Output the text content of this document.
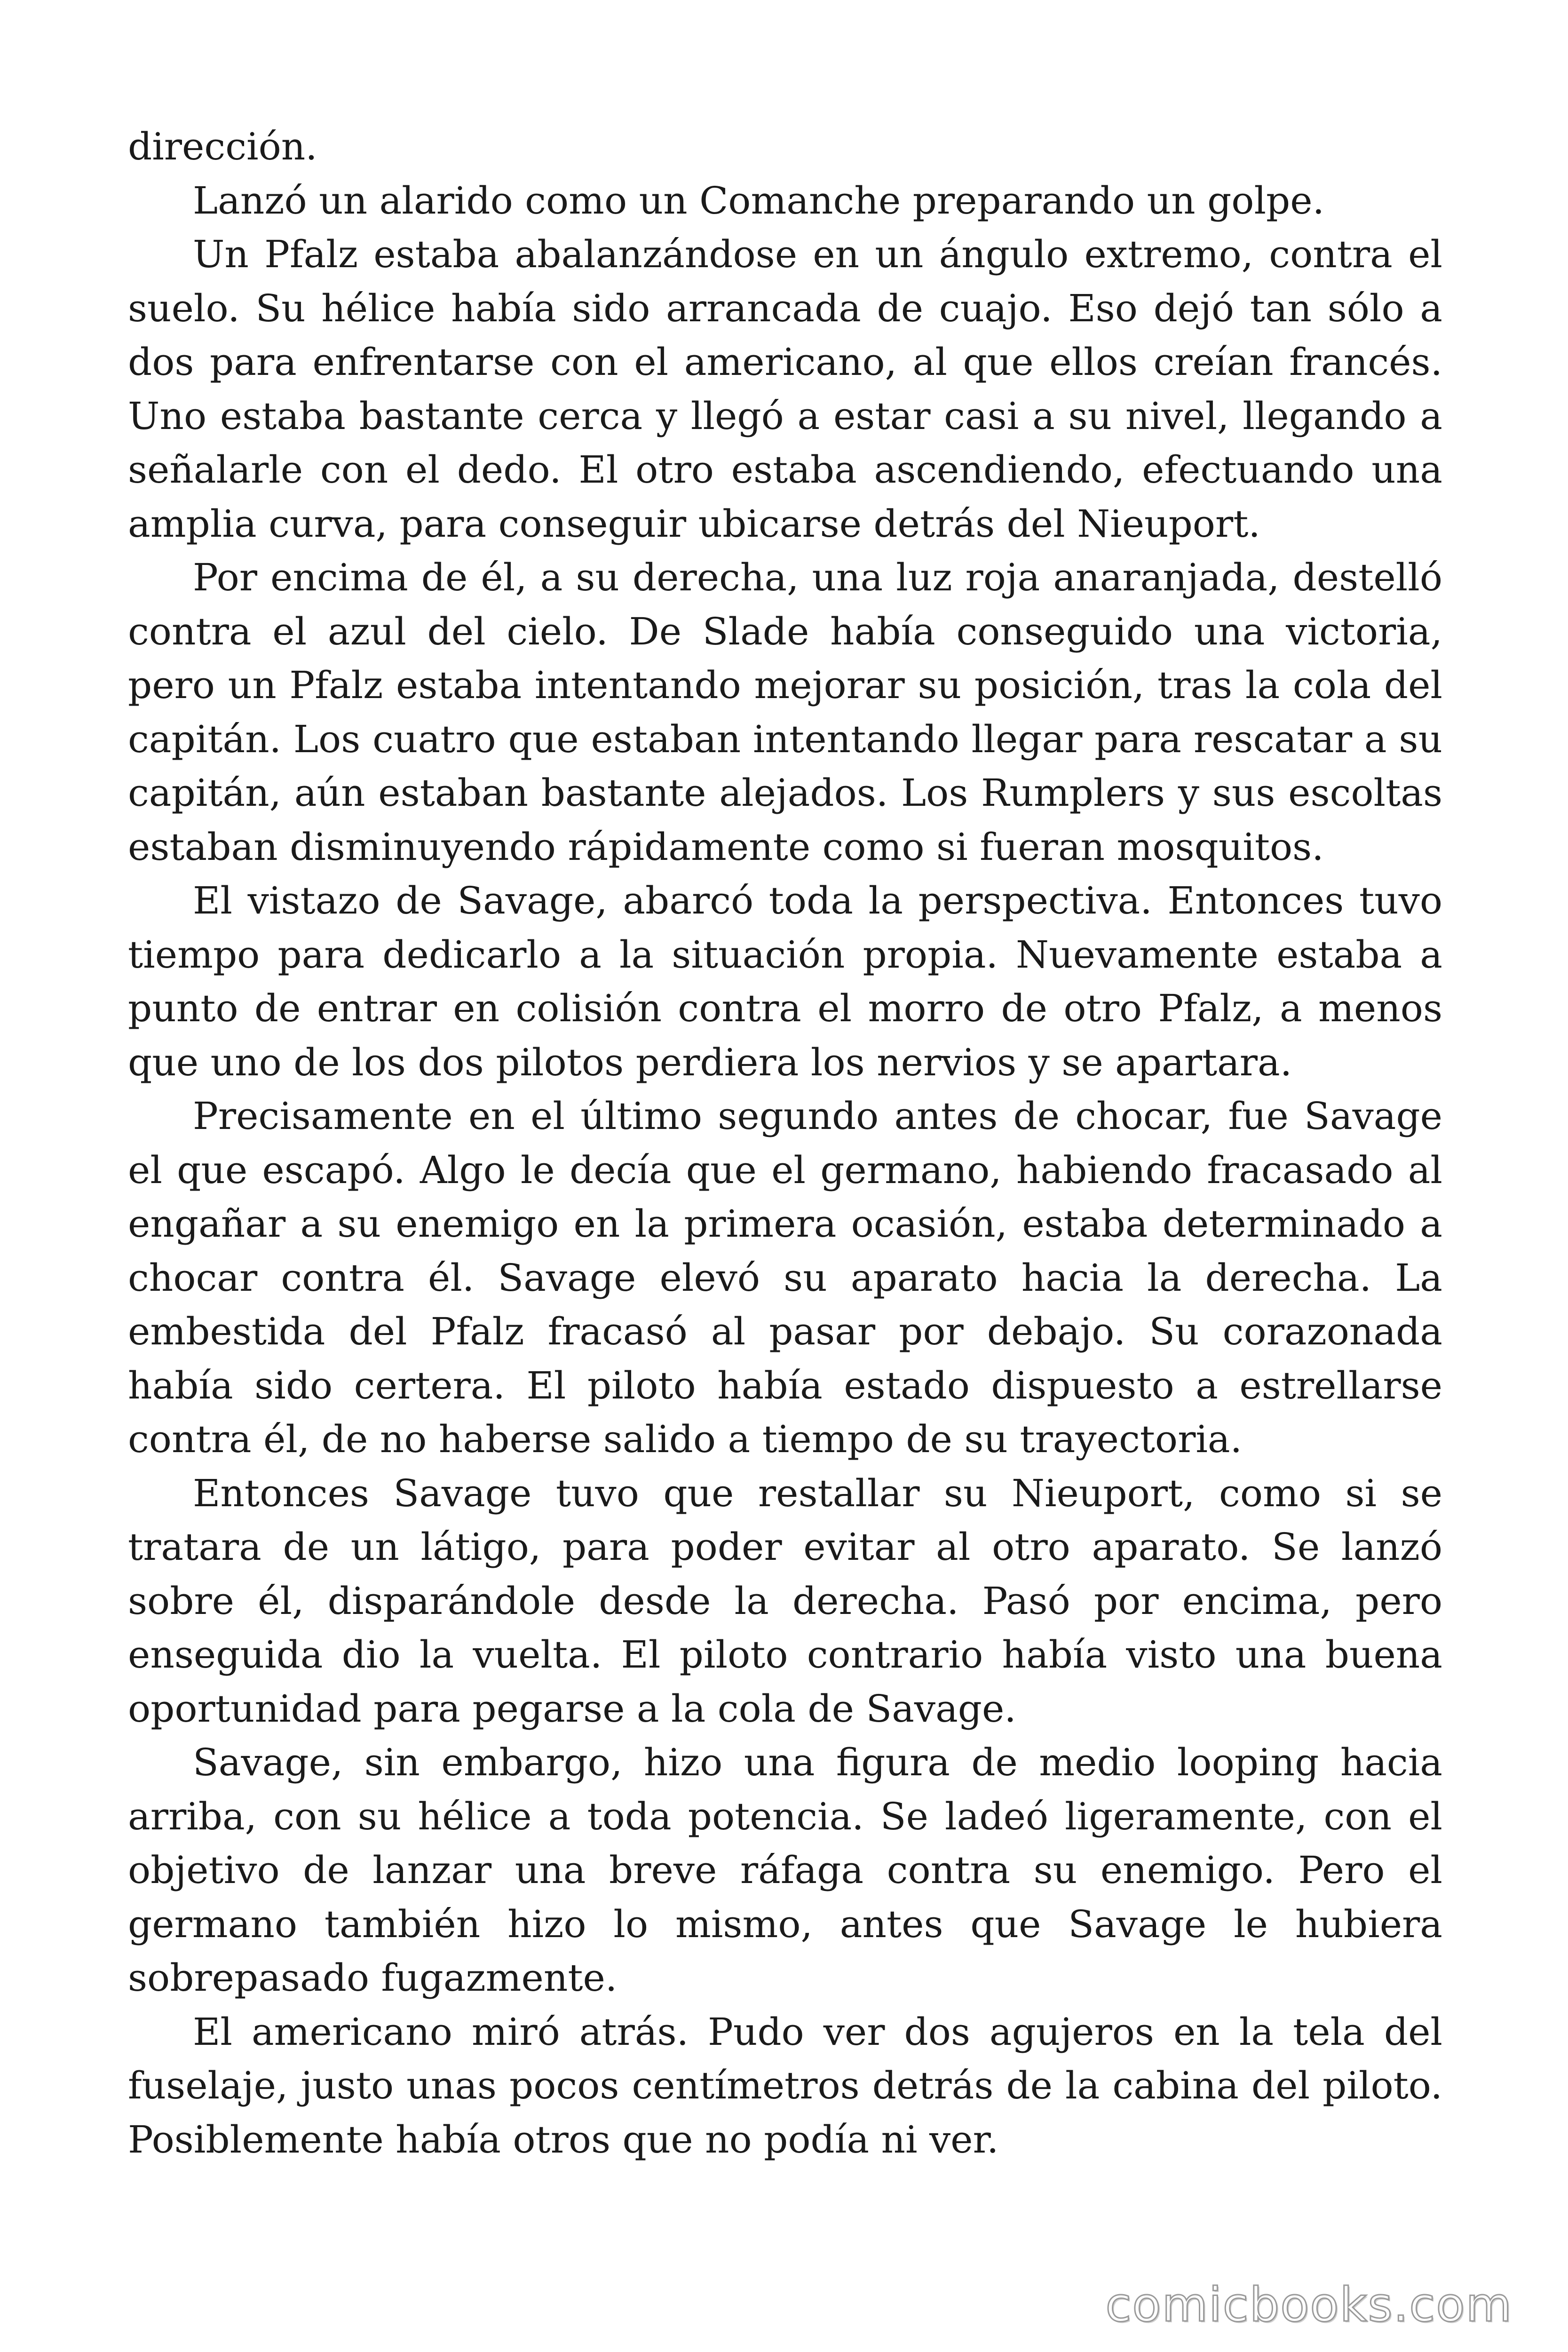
dirección.

Lanzó un alarido como un Comanche preparando un golpe.

Un Pfalz estaba abalanzándose en un ángulo extremo, contra el suelo. Su hélice había sido arrancada de cuajo. Eso dejó tan sólo a dos para enfrentarse con el americano, al que ellos creían francés. Uno estaba bastante cerca y llegó a estar casi a su nivel, llegando a señalarle con el dedo. El otro estaba ascendiendo, efectuando una amplia curva, para conseguir ubicarse detrás del Nieuport.

Por encima de él, a su derecha, una luz roja anaranjada, destelló contra el azul del cielo. De Slade había conseguido una victoria, pero un Pfalz estaba intentando mejorar su posición, tras la cola del capitán. Los cuatro que estaban intentando llegar para rescatar a su capitán, aún estaban bastante alejados. Los Rumplers y sus escoltas estaban disminuyendo rápidamente como si fueran mosquitos.

El vistazo de Savage, abarcó toda la perspectiva. Entonces tuvo tiempo para dedicarlo a la situación propia. Nuevamente estaba a punto de entrar en colisión contra el morro de otro Pfalz, a menos que uno de los dos pilotos perdiera los nervios y se apartara.

Precisamente en el último segundo antes de chocar, fue Savage el que escapó. Algo le decía que el germano, habiendo fracasado al engañar a su enemigo en la primera ocasión, estaba determinado a chocar contra él. Savage elevó su aparato hacia la derecha. La embestida del Pfalz fracasó al pasar por debajo. Su corazonada había sido certera. El piloto había estado dispuesto a estrellarse contra él, de no haberse salido a tiempo de su trayectoria.

Entonces Savage tuvo que restallar su Nieuport, como si se tratara de un látigo, para poder evitar al otro aparato. Se lanzó sobre él, disparándole desde la derecha. Pasó por encima, pero enseguida dio la vuelta. El piloto contrario había visto una buena oportunidad para pegarse a la cola de Savage.

Savage, sin embargo, hizo una figura de medio looping hacia arriba, con su hélice a toda potencia. Se ladeó ligeramente, con el objetivo de lanzar una breve ráfaga contra su enemigo. Pero el germano también hizo lo mismo, antes que Savage le hubiera sobrepasado fugazmente.

El americano miró atrás. Pudo ver dos agujeros en la tela del fuselaje, justo unas pocos centímetros detrás de la cabina del piloto. Posiblemente había otros que no podía ni ver.

comicbooks.com
